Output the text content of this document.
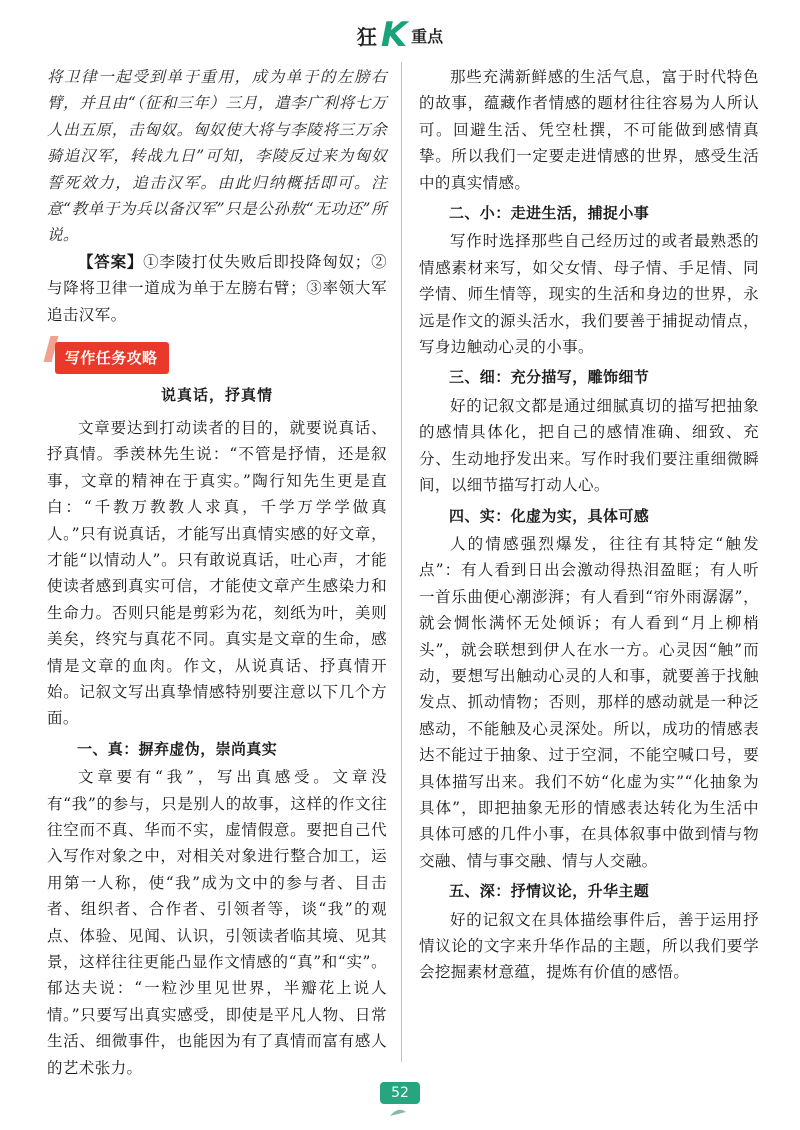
狂 K 重点

将卫律一起受到单于重用，成为单于的左膀右臂，并且由“（征和三年）三月，遣李广利将七万人出五原，击匈奴。匈奴使大将与李陵将三万余骑追汉军，转战九日”可知，李陵反过来为匈奴誓死效力，追击汉军。由此归纳概括即可。注意“教单于为兵以备汉军”只是公孙敖“无功还”所说。

【答案】①李陵打仗失败后即投降匈奴；②与降将卫律一道成为单于左膀右臂；③率领大军追击汉军。

写作任务攻略
说真话，抒真情

文章要达到打动读者的目的，就要说真话、抒真情。季羡林先生说：“不管是抒情，还是叙事，文章的精神在于真实。”陶行知先生更是直白：“千教万教教人求真，千学万学学做真人。”只有说真话，才能写出真情实感的好文章，才能“以情动人”。只有敢说真话，吐心声，才能使读者感到真实可信，才能使文章产生感染力和生命力。否则只能是剪彩为花，刻纸为叶，美则美矣，终究与真花不同。真实是文章的生命，感情是文章的血肉。作文，从说真话、抒真情开始。记叙文写出真挚情感特别要注意以下几个方面。

一、真：摒弃虚伪，崇尚真实

文章要有“我”，写出真感受。文章没有“我”的参与，只是别人的故事，这样的作文往往空而不真、华而不实，虚情假意。要把自己代入写作对象之中，对相关对象进行整合加工，运用第一人称，使“我”成为文中的参与者、目击者、组织者、合作者、引领者等，谈“我”的观点、体验、见闻、认识，引领读者临其境、见其景，这样往往更能凸显作文情感的“真”和“实”。郁达夫说：“一粒沙里见世界，半瓣花上说人情。”只要写出真实感受，即使是平凡人物、日常生活、细微事件，也能因为有了真情而富有感人的艺术张力。

那些充满新鲜感的生活气息，富于时代特色的故事，蕴藏作者情感的题材往往容易为人所认可。回避生活、凭空杜撰，不可能做到感情真挚。所以我们一定要走进情感的世界，感受生活中的真实情感。

二、小：走进生活，捕捉小事

写作时选择那些自己经历过的或者最熟悉的情感素材来写，如父女情、母子情、手足情、同学情、师生情等，现实的生活和身边的世界，永远是作文的源头活水，我们要善于捕捉动情点，写身边触动心灵的小事。

三、细：充分描写，雕饰细节

好的记叙文都是通过细腻真切的描写把抽象的感情具体化，把自己的感情准确、细致、充分、生动地抒发出来。写作时我们要注重细微瞬间，以细节描写打动人心。

四、实：化虚为实，具体可感

人的情感强烈爆发，往往有其特定“触发点”：有人看到日出会激动得热泪盈眶；有人听一首乐曲便心潮澎湃；有人看到“帘外雨潺潺”，就会惆怅满怀无处倾诉；有人看到“月上柳梢头”，就会联想到伊人在水一方。心灵因“触”而动，要想写出触动心灵的人和事，就要善于找触发点、抓动情物；否则，那样的感动就是一种泛感动，不能触及心灵深处。所以，成功的情感表达不能过于抽象、过于空洞，不能空喊口号，要具体描写出来。我们不妨“化虚为实”“化抽象为具体”，即把抽象无形的情感表达转化为生活中具体可感的几件小事，在具体叙事中做到情与物交融、情与事交融、情与人交融。

五、深：抒情议论，升华主题

好的记叙文在具体描绘事件后，善于运用抒情议论的文字来升华作品的主题，所以我们要学会挖掘素材意蕴，提炼有价值的感悟。

52
